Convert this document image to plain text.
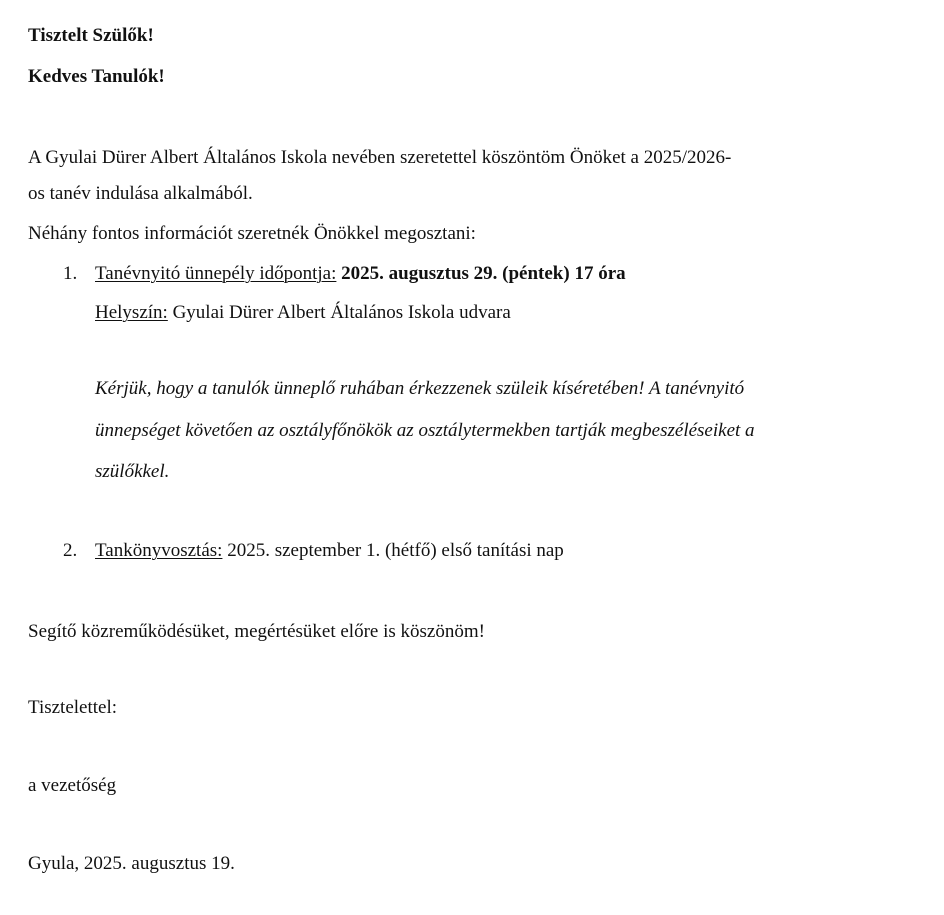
Tisztelt Szülők!
Kedves Tanulók!
A Gyulai Dürer Albert Általános Iskola nevében szeretettel köszöntöm Önöket a 2025/2026-
os tanév indulása alkalmából.
Néhány fontos információt szeretnék Önökkel megosztani:
1. Tanévnyitó ünnepély időpontja: 2025. augusztus 29. (péntek) 17 óra
Helyszín: Gyulai Dürer Albert Általános Iskola udvara
Kérjük, hogy a tanulók ünneplő ruhában érkezzenek szüleik kíséretében! A tanévnyitó
ünnepséget követően az osztályfőnökök az osztálytermekben tartják megbeszéléseiket a
szülőkkel.
2. Tankönyvosztás: 2025. szeptember 1. (hétfő) első tanítási nap
Segítő közreműködésüket, megértésüket előre is köszönöm!
Tisztelettel:
a vezetőség
Gyula, 2025. augusztus 19.
